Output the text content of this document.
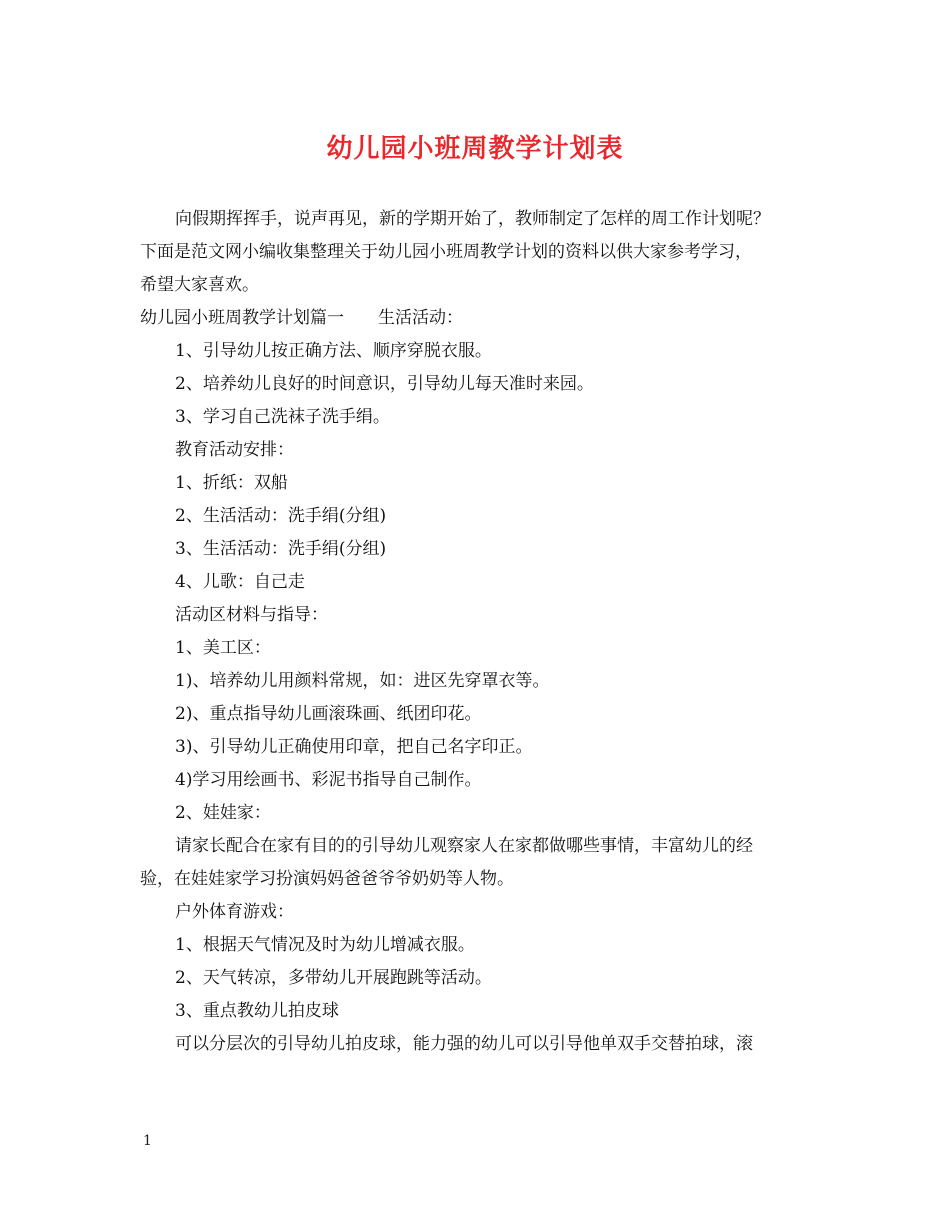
幼儿园小班周教学计划表

向假期挥挥手，说声再见，新的学期开始了，教师制定了怎样的周工作计划呢？

下面是范文网小编收集整理关于幼儿园小班周教学计划的资料以供大家参考学习，

希望大家喜欢。

幼儿园小班周教学计划篇一　　生活活动：

1、引导幼儿按正确方法、顺序穿脱衣服。

2、培养幼儿良好的时间意识，引导幼儿每天准时来园。

3、学习自己洗袜子洗手绢。

教育活动安排：

1、折纸：双船

2、生活活动：洗手绢(分组)

3、生活活动：洗手绢(分组)

4、儿歌：自己走

活动区材料与指导：

1、美工区：

1)、培养幼儿用颜料常规，如：进区先穿罩衣等。

2)、重点指导幼儿画滚珠画、纸团印花。

3)、引导幼儿正确使用印章，把自己名字印正。

4)学习用绘画书、彩泥书指导自己制作。

2、娃娃家：

请家长配合在家有目的的引导幼儿观察家人在家都做哪些事情，丰富幼儿的经

验，在娃娃家学习扮演妈妈爸爸爷爷奶奶等人物。

户外体育游戏：

1、根据天气情况及时为幼儿增减衣服。

2、天气转凉，多带幼儿开展跑跳等活动。

3、重点教幼儿拍皮球

可以分层次的引导幼儿拍皮球，能力强的幼儿可以引导他单双手交替拍球，滚

1
